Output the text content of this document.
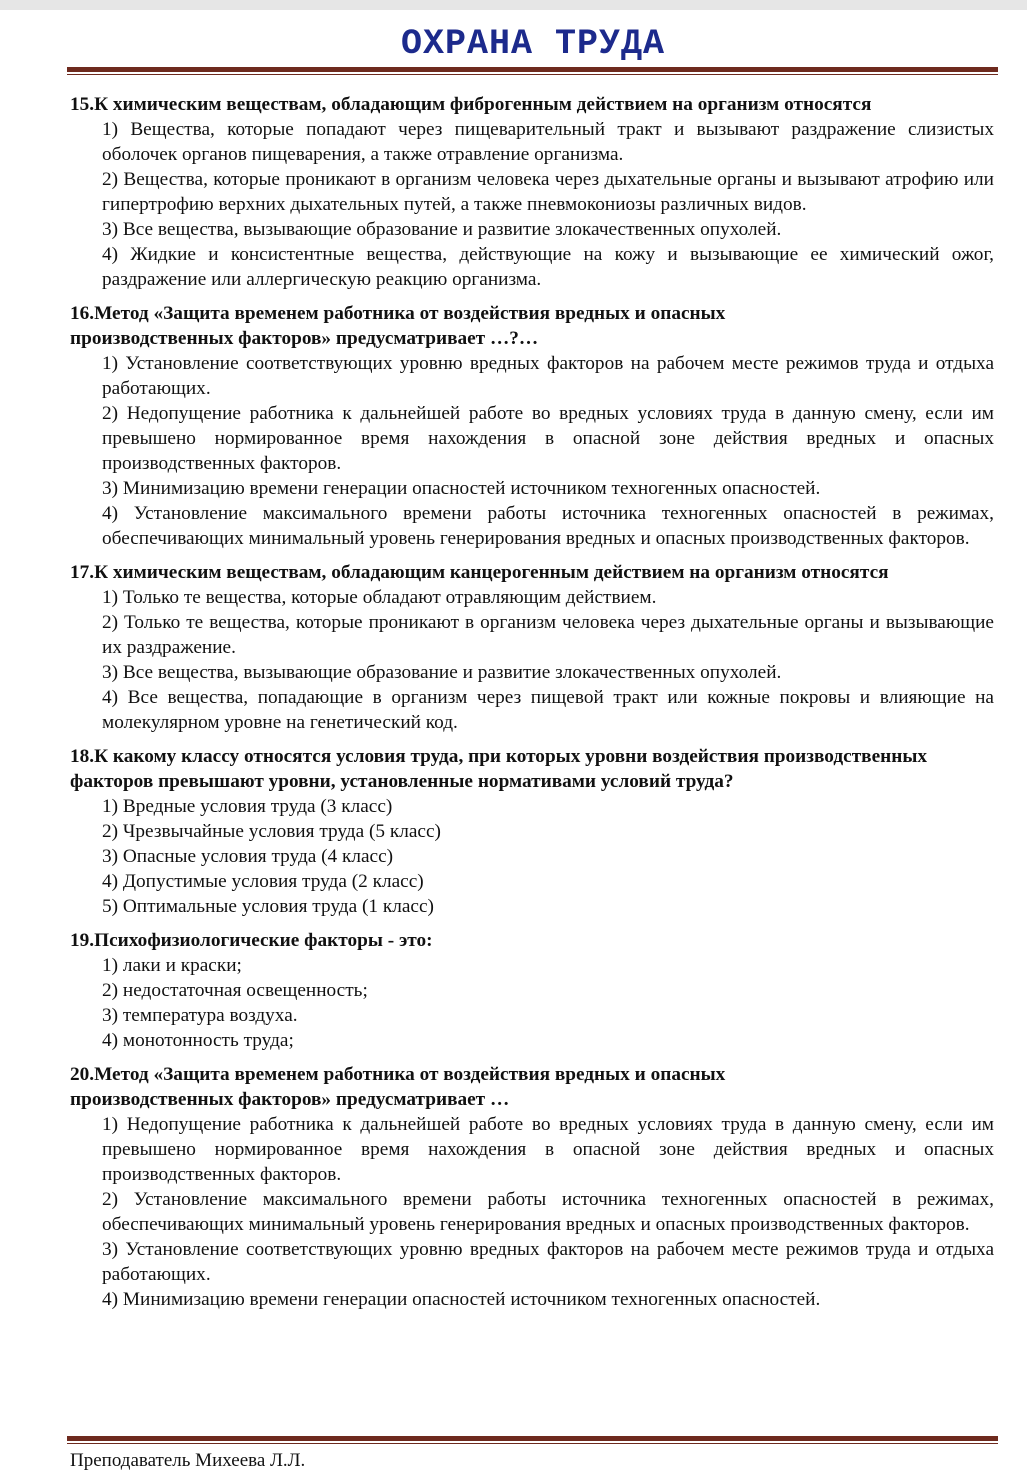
ОХРАНА ТРУДА

15.К химическим веществам, обладающим фиброгенным действием на организм относятся

1) Вещества, которые попадают через пищеварительный тракт и вызывают раздражение слизистых оболочек органов пищеварения, а также отравление организма.

2) Вещества, которые проникают в организм человека через дыхательные органы и вызывают атрофию или гипертрофию верхних дыхательных путей, а также пневмокониозы различных видов.

3) Все вещества, вызывающие образование и развитие злокачественных опухолей.

4) Жидкие и консистентные вещества, действующие на кожу и вызывающие ее химический ожог, раздражение или аллергическую реакцию организма.

16.Метод «Защита временем работника от воздействия вредных и опасных производственных факторов» предусматривает …?…

1) Установление соответствующих уровню вредных факторов на рабочем месте режимов труда и отдыха работающих.

2) Недопущение работника к дальнейшей работе во вредных условиях труда в данную смену, если им превышено нормированное время нахождения в опасной зоне действия вредных и опасных производственных факторов.

3) Минимизацию времени генерации опасностей источником техногенных опасностей.

4) Установление максимального времени работы источника техногенных опасностей в режимах, обеспечивающих минимальный уровень генерирования вредных и опасных производственных факторов.

17.К химическим веществам, обладающим канцерогенным действием на организм относятся

1) Только те вещества, которые обладают отравляющим действием.

2) Только те вещества, которые проникают в организм человека через дыхательные органы и вызывающие их раздражение.

3) Все вещества, вызывающие образование и развитие злокачественных опухолей.

4) Все вещества, попадающие в организм через пищевой тракт или кожные покровы и влияющие на молекулярном уровне на генетический код.

18.К какому классу относятся условия труда, при которых уровни воздействия производственных факторов превышают уровни, установленные нормативами условий труда?

1) Вредные условия труда (3 класс)

2) Чрезвычайные условия труда (5 класс)

3) Опасные условия труда (4 класс)

4) Допустимые условия труда (2 класс)

5) Оптимальные условия труда (1 класс)

19.Психофизиологические факторы - это:

1) лаки и краски;

2) недостаточная освещенность;

3) температура воздуха.

4) монотонность труда;

20.Метод «Защита временем работника от воздействия вредных и опасных производственных факторов» предусматривает …

1) Недопущение работника к дальнейшей работе во вредных условиях труда в данную смену, если им превышено нормированное время нахождения в опасной зоне действия вредных и опасных производственных факторов.

2) Установление максимального времени работы источника техногенных опасностей в режимах, обеспечивающих минимальный уровень генерирования вредных и опасных производственных факторов.

3) Установление соответствующих уровню вредных факторов на рабочем месте режимов труда и отдыха работающих.

4) Минимизацию времени генерации опасностей источником техногенных опасностей.

Преподаватель Михеева Л.Л.
